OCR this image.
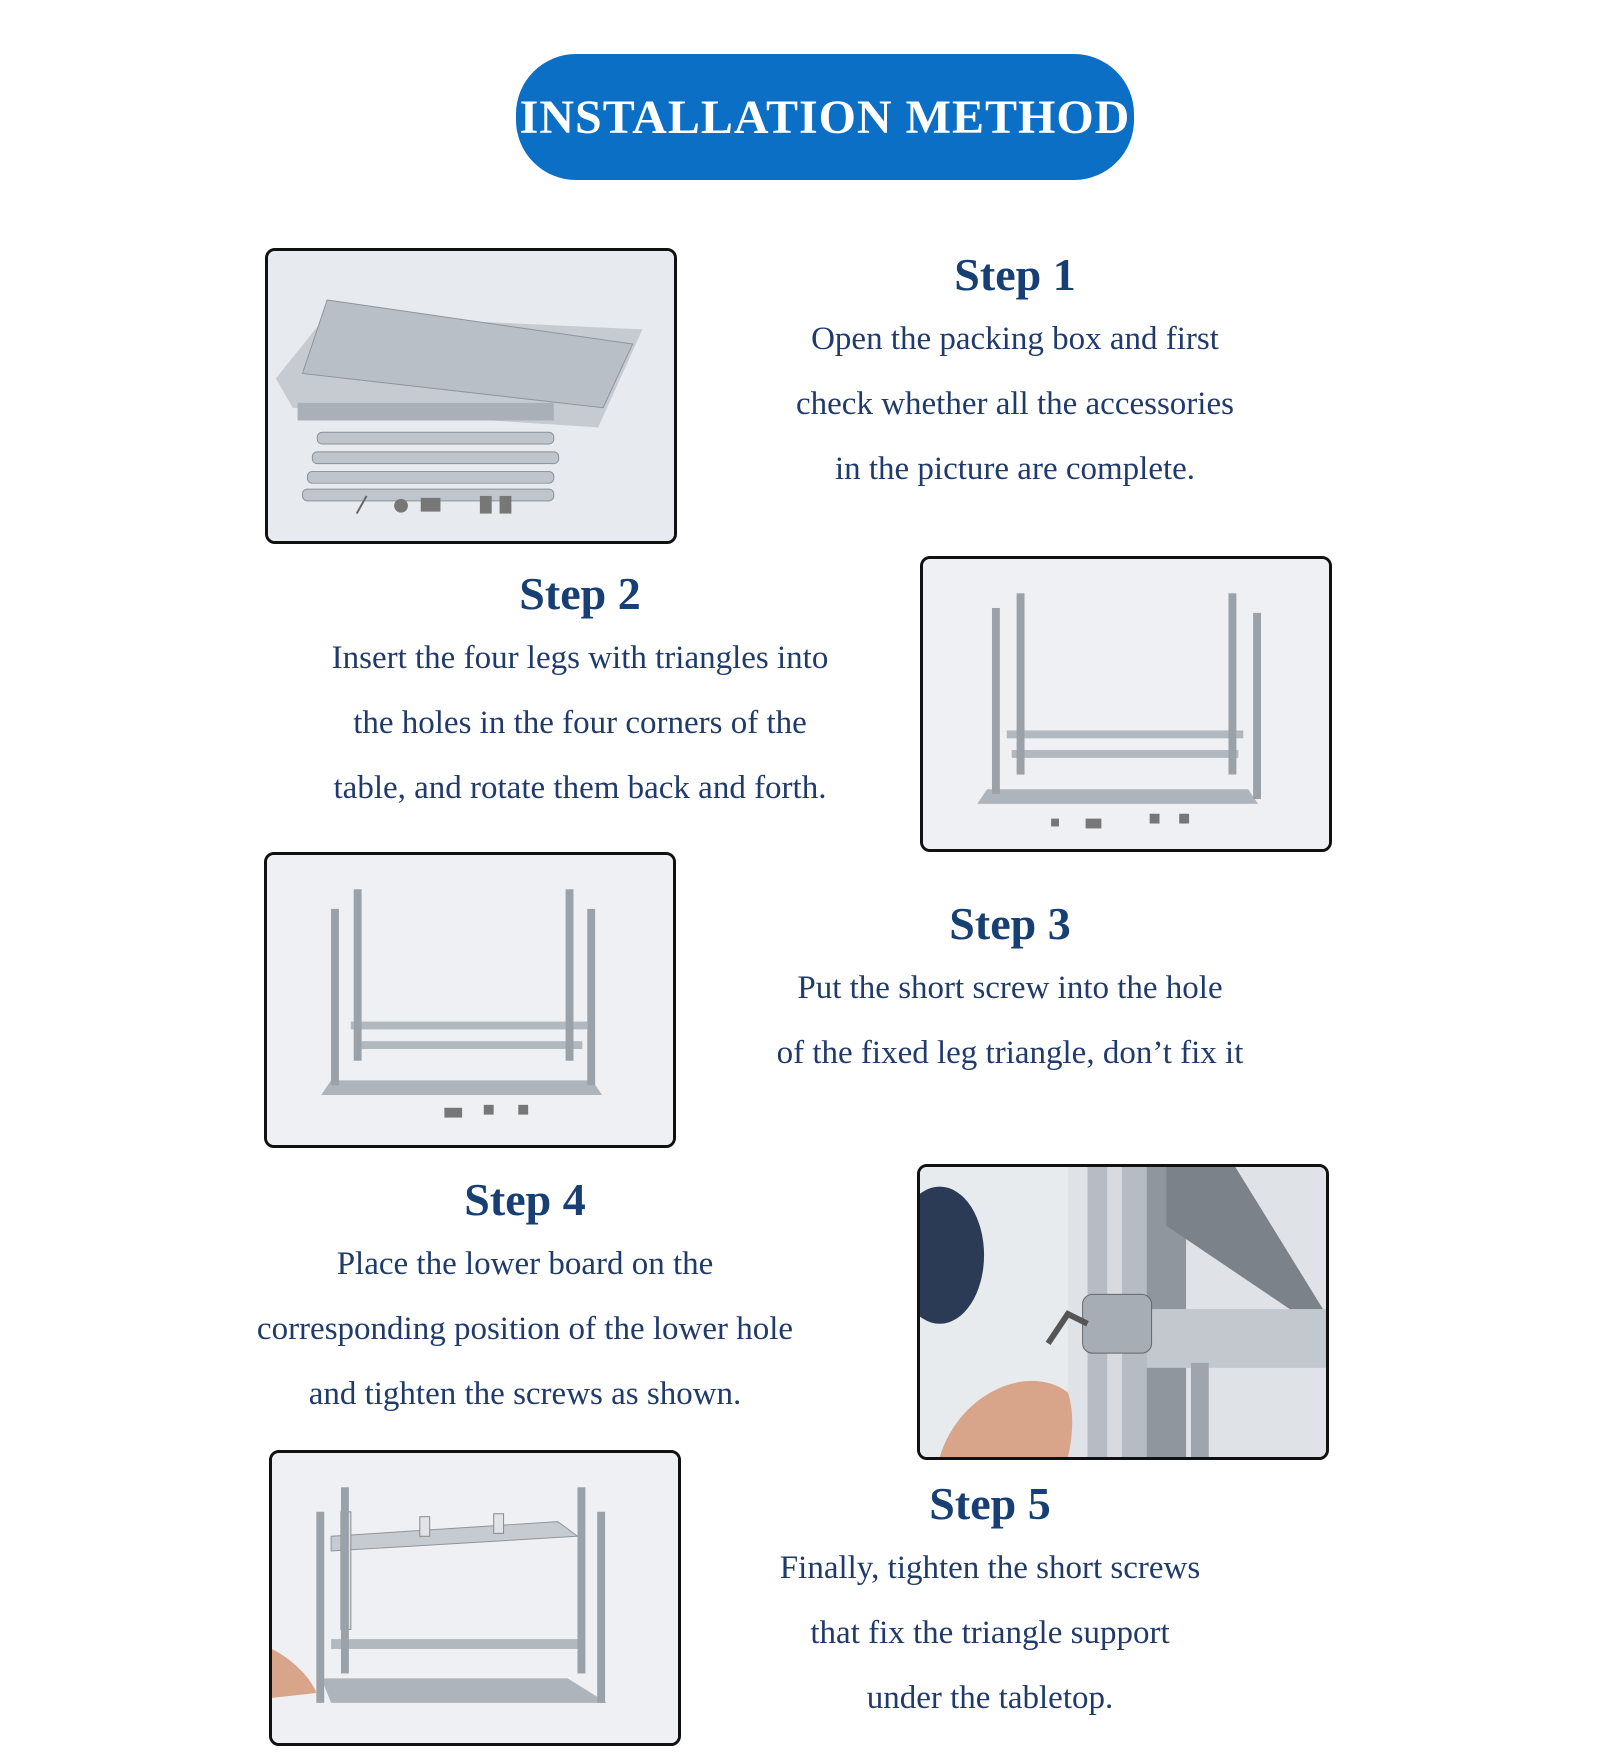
INSTALLATION METHOD
Step 1
Open the packing box and first
check whether all the accessories
in the picture are complete.
Step 2
Insert the four legs with triangles into
the holes in the four corners of the
table, and rotate them back and forth.
Step 3
Put the short screw into the hole
of the fixed leg triangle, don’t fix it
Step 4
Place the lower board on the
corresponding position of the lower hole
and tighten the screws as shown.
Step 5
Finally, tighten the short screws
that fix the triangle support
under the tabletop.
